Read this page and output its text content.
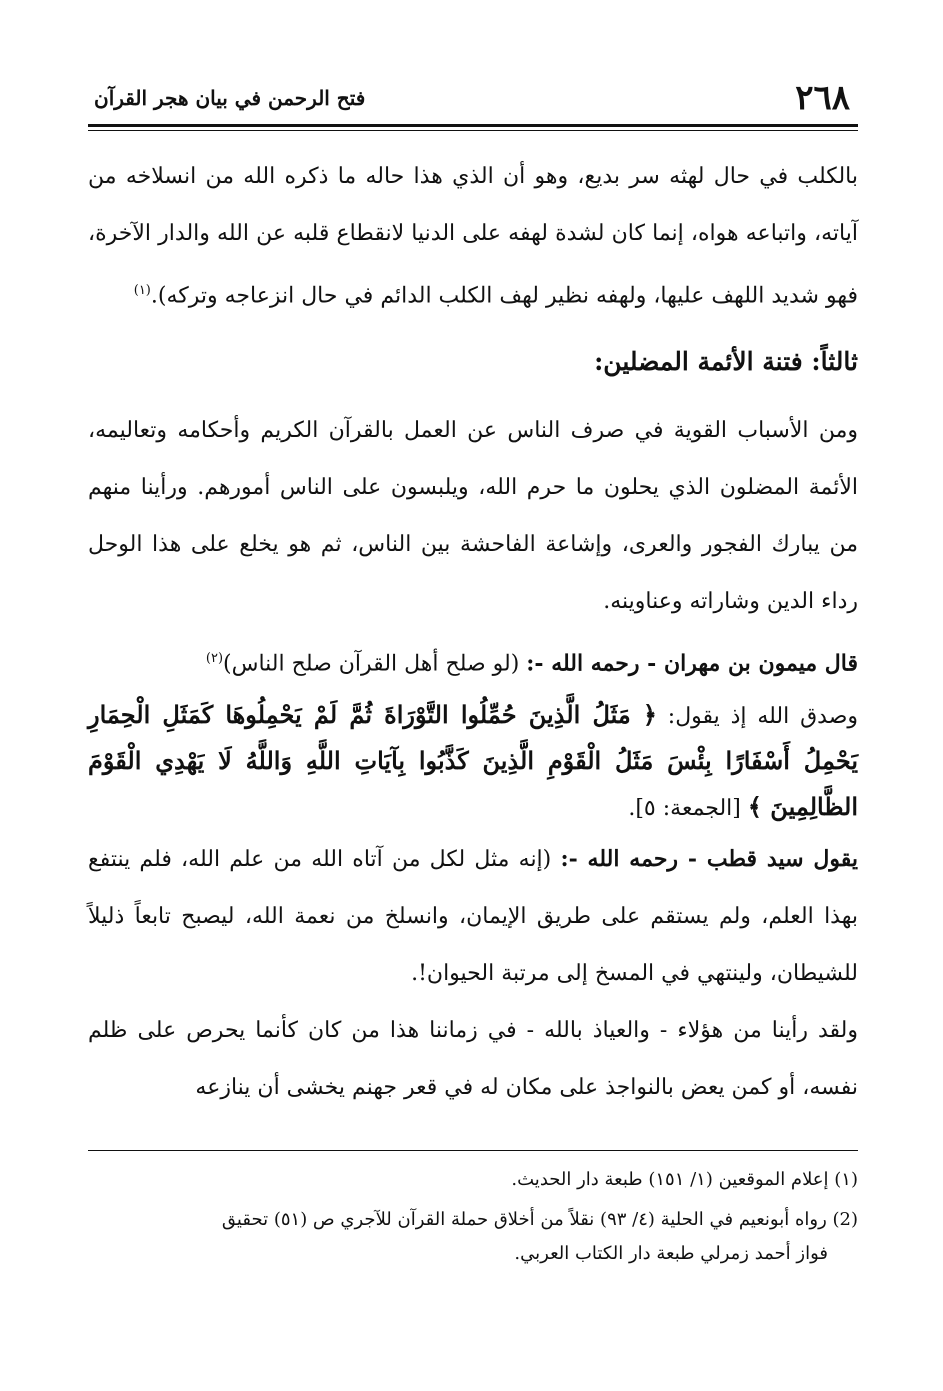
٢٦٨
فتح الرحمن في بيان هجر القرآن

بالكلب في حال لهثه سر بديع، وهو أن الذي هذا حاله ما ذكره الله من انسلاخه من آياته، واتباعه هواه، إنما كان لشدة لهفه على الدنيا لانقطاع قلبه عن الله والدار الآخرة، فهو شديد اللهف عليها، ولهفه نظير لهف الكلب الدائم في حال انزعاجه وتركه).$^{(١)}$

ثالثاً: فتنة الأئمة المضلين:

ومن الأسباب القوية في صرف الناس عن العمل بالقرآن الكريم وأحكامه وتعاليمه، الأئمة المضلون الذي يحلون ما حرم الله، ويلبسون على الناس أمورهم. ورأينا منهم من يبارك الفجور والعرى، وإشاعة الفاحشة بين الناس، ثم هو يخلع على هذا الوحل رداء الدين وشاراته وعناوينه.

قال ميمون بن مهران - رحمه الله -: (لو صلح أهل القرآن صلح الناس)$^{(٢)}$

وصدق الله إذ يقول: ﴿ مَثَلُ الَّذِينَ حُمِّلُوا التَّوْرَاةَ ثُمَّ لَمْ يَحْمِلُوهَا كَمَثَلِ الْحِمَارِ يَحْمِلُ أَسْفَارًا بِئْسَ مَثَلُ الْقَوْمِ الَّذِينَ كَذَّبُوا بِآيَاتِ اللَّهِ وَاللَّهُ لَا يَهْدِي الْقَوْمَ الظَّالِمِينَ ﴾ [الجمعة: ٥].

يقول سيد قطب - رحمه الله -: (إنه مثل لكل من آتاه الله من علم الله، فلم ينتفع بهذا العلم، ولم يستقم على طريق الإيمان، وانسلخ من نعمة الله، ليصبح تابعاً ذليلاً للشيطان، ولينتهي في المسخ إلى مرتبة الحيوان!.

ولقد رأينا من هؤلاء - والعياذ بالله - في زماننا هذا من كان كأنما يحرص على ظلم نفسه، أو كمن يعض بالنواجذ على مكان له في قعر جهنم يخشى أن ينازعه

(١) إعلام الموقعين (١/ ١٥١) طبعة دار الحديث.

(2) رواه أبونعيم في الحلية (٤/ ٩٣) نقلاً من أخلاق حملة القرآن للآجري ص (٥١) تحقيق
فواز أحمد زمرلي طبعة دار الكتاب العربي.
